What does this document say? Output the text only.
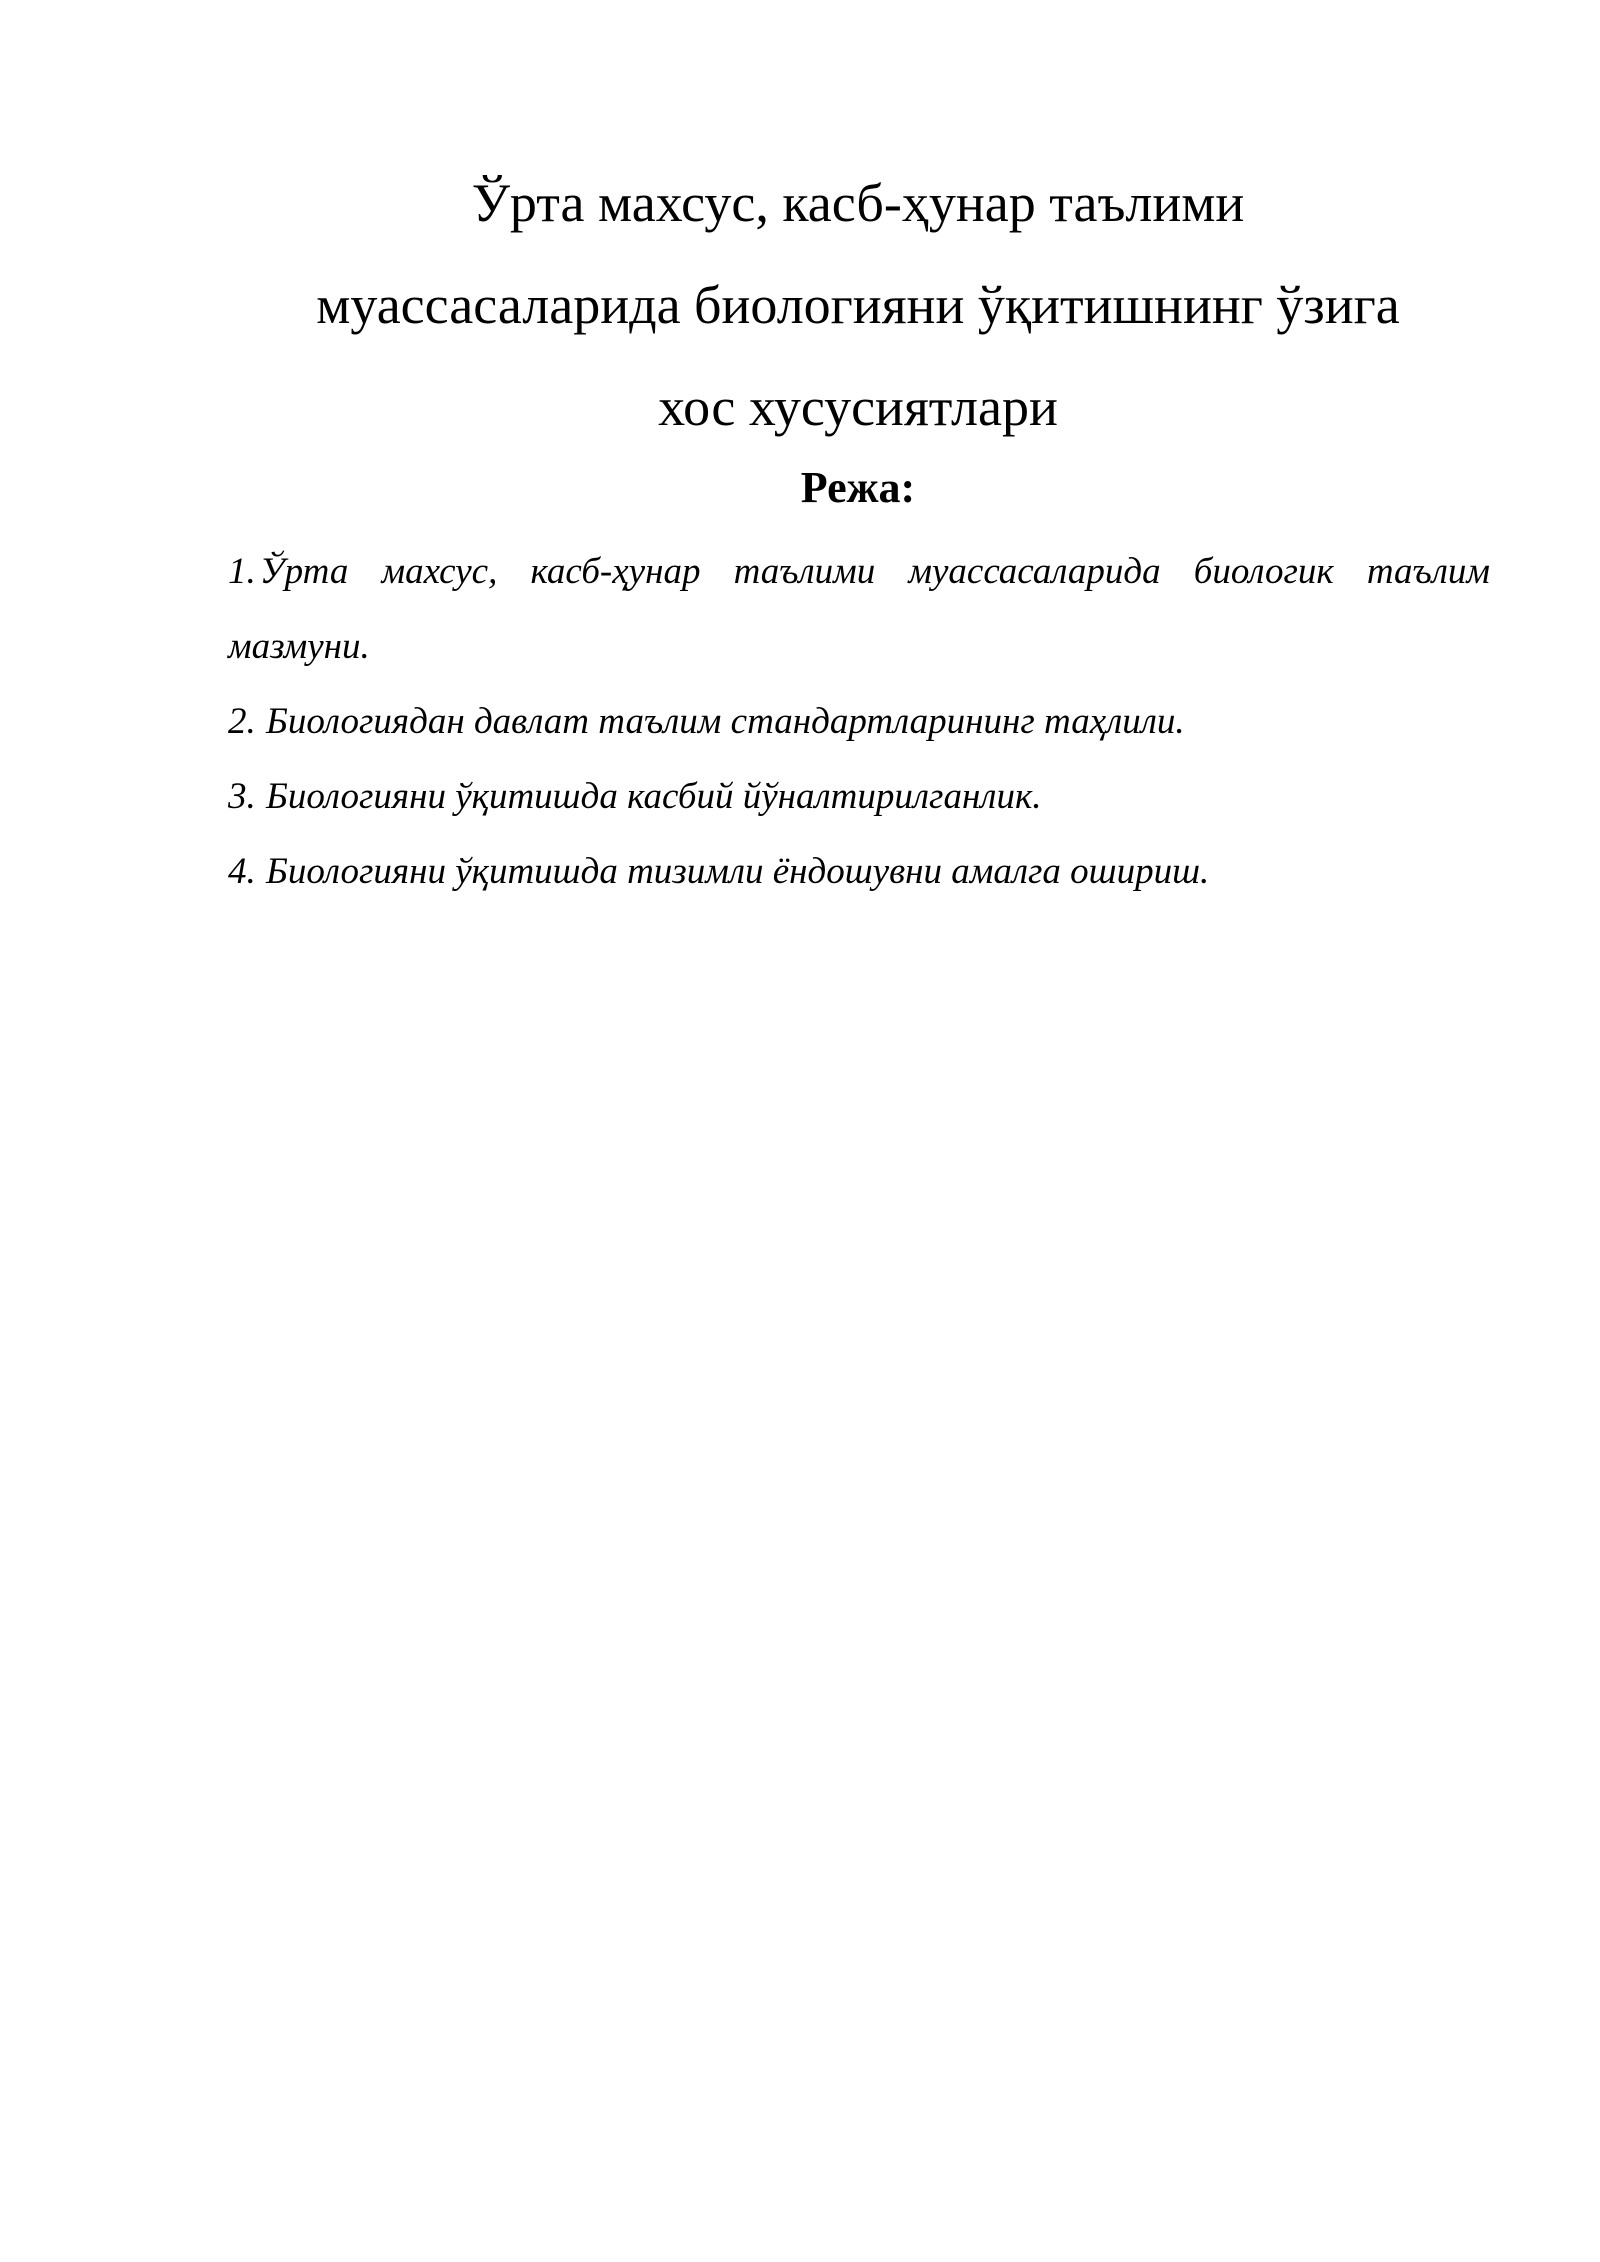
Ўрта махсус, касб-ҳунар таълими
муассасаларида биологияни ўқитишнинг ўзига
хос хусусиятлари
Режа:
1. Ўрта махсус, касб-ҳунар таълими муассасаларида биологик таълим мазмуни.
2. Биологиядан давлат таълим стандартларининг таҳлили.
3. Биологияни ўқитишда касбий йўналтирилганлик.
4. Биологияни ўқитишда тизимли ёндошувни амалга ошириш.
